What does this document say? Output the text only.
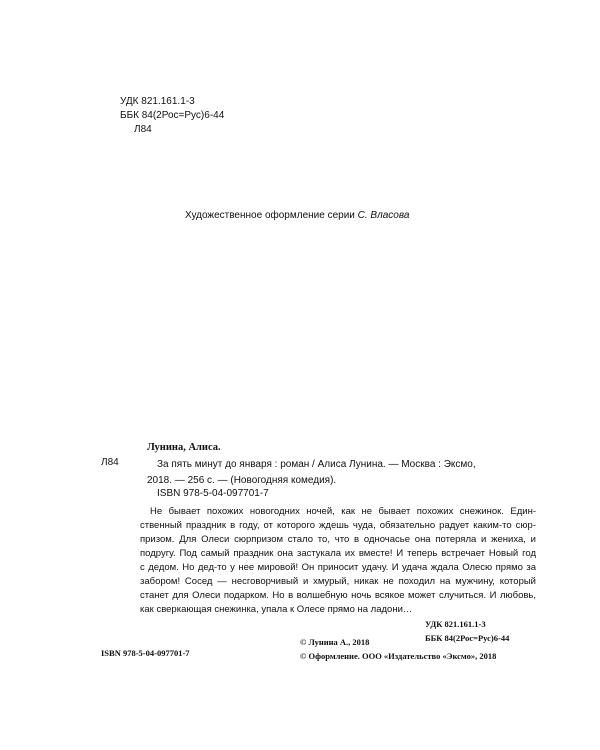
УДК 821.161.1-3
ББК 84(2Рос=Рус)6-44
Л84
Художественное оформление серии С. Власова
Л84
Лунина, Алиса.
За пять минут до января : роман / Алиса Лунина. — Москва : Эксмо,
2018. — 256 с. — (Новогодняя комедия).
ISBN 978-5-04-097701-7
Не бывает похожих новогодних ночей, как не бывает похожих снежинок. Един-
ственный праздник в году, от которого ждешь чуда, обязательно радует каким-то сюр-
призом. Для Олеси сюрпризом стало то, что в одночасье она потеряла и жениха, и
подругу. Под самый праздник она застукала их вместе! И теперь встречает Новый год
с дедом. Но дед-то у нее мировой! Он приносит удачу. И удача ждала Олесю прямо за
забором! Сосед — несговорчивый и хмурый, никак не походил на мужчину, который
станет для Олеси подарком. Но в волшебную ночь всякое может случиться. И любовь,
как сверкающая снежинка, упала к Олесе прямо на ладони…
УДК 821.161.1-3
ББК 84(2Рос=Рус)6-44
ISBN 978-5-04-097701-7
© Лунина А., 2018
© Оформление. ООО «Издательство «Эксмо», 2018
